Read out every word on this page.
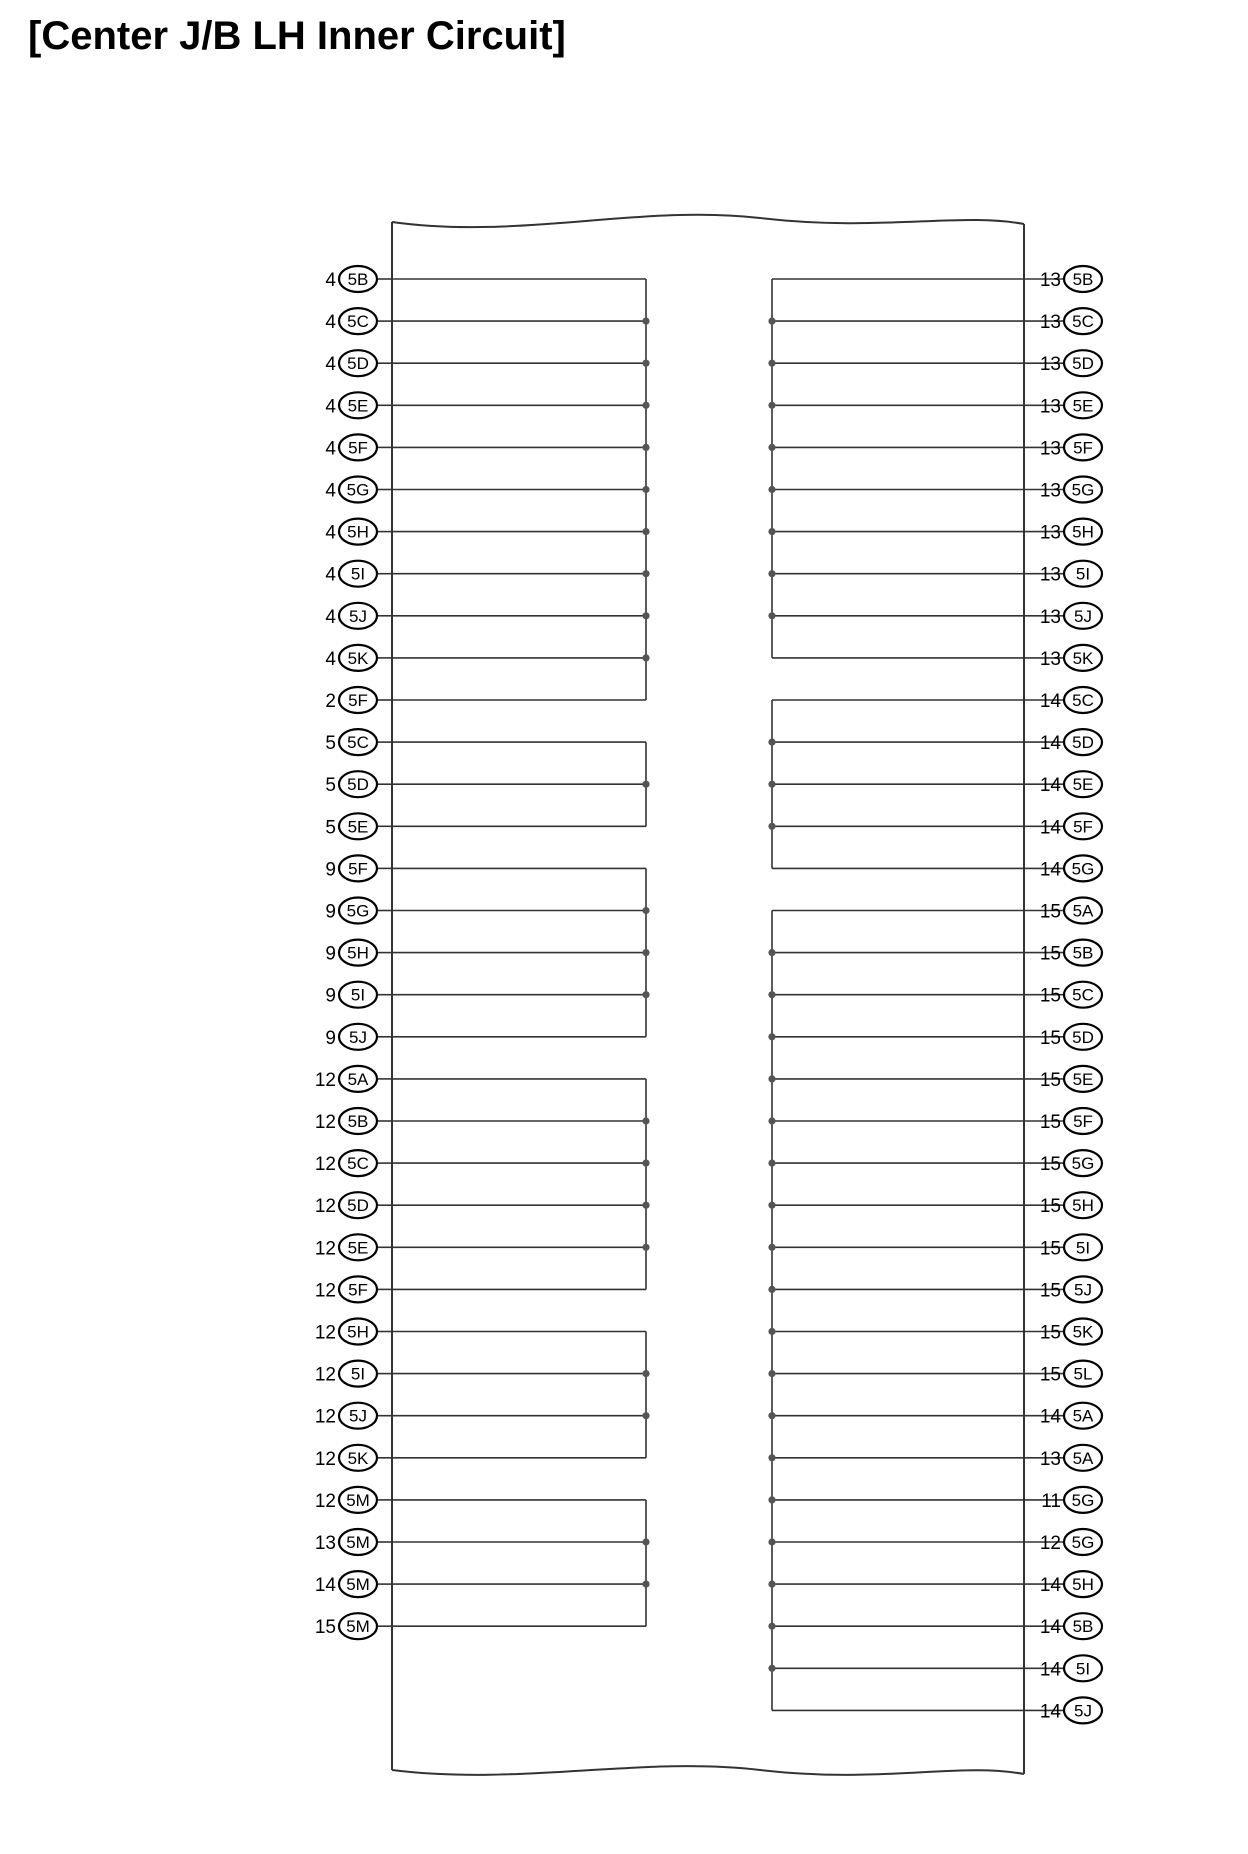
[Center J/B LH Inner Circuit]
4 5B
4 5C
4 5D
4 5E
4 5F
4 5G
4 5H
4 5I
4 5J
4 5K
2 5F
5 5C
5 5D
5 5E
9 5F
9 5G
9 5H
9 5I
9 5J
12 5A
12 5B
12 5C
12 5D
12 5E
12 5F
12 5H
12 5I
12 5J
12 5K
12 5M
13 5M
14 5M
15 5M
13 5B
13 5C
13 5D
13 5E
13 5F
13 5G
13 5H
13 5I
13 5J
13 5K
14 5C
14 5D
14 5E
14 5F
14 5G
15 5A
15 5B
15 5C
15 5D
15 5E
15 5F
15 5G
15 5H
15 5I
15 5J
15 5K
15 5L
14 5A
13 5A
11 5G
12 5G
14 5H
14 5B
14 5I
14 5J
